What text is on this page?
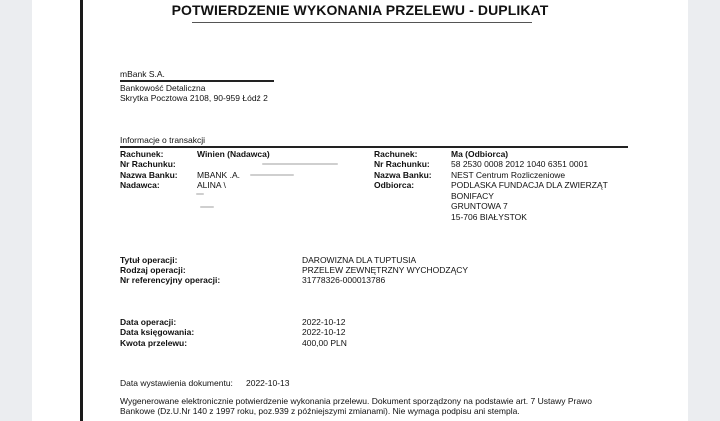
POTWIERDZENIE WYKONANIA PRZELEWU - DUPLIKAT
mBank S.A.
Bankowość Detaliczna
Skrytka Pocztowa 2108, 90-959 Łódź 2
Informacje o transakcji
Rachunek:
Nr Rachunku:
Nazwa Banku:
Nadawca:
Winien (Nadawca)
MBANK .A.
ALINA \
Rachunek:
Nr Rachunku:
Nazwa Banku:
Odbiorca:
Ma (Odbiorca)
58 2530 0008 2012 1040 6351 0001
NEST Centrum Rozliczeniowe
PODLASKA FUNDACJA DLA ZWIERZĄT
BONIFACY
GRUNTOWA 7
15-706 BIAŁYSTOK
Tytuł operacji:
Rodzaj operacji:
Nr referencyjny operacji:
DAROWIZNA DLA TUPTUSIA
PRZELEW ZEWNĘTRZNY WYCHODZĄCY
31778326-000013786
Data operacji:
Data księgowania:
Kwota przelewu:
2022-10-12
2022-10-12
400,00 PLN
Data wystawienia dokumentu: 2022-10-13
Wygenerowane elektronicznie potwierdzenie wykonania przelewu. Dokument sporządzony na podstawie art. 7 Ustawy Prawo
Bankowe (Dz.U.Nr 140 z 1997 roku, poz.939 z późniejszymi zmianami). Nie wymaga podpisu ani stempla.
